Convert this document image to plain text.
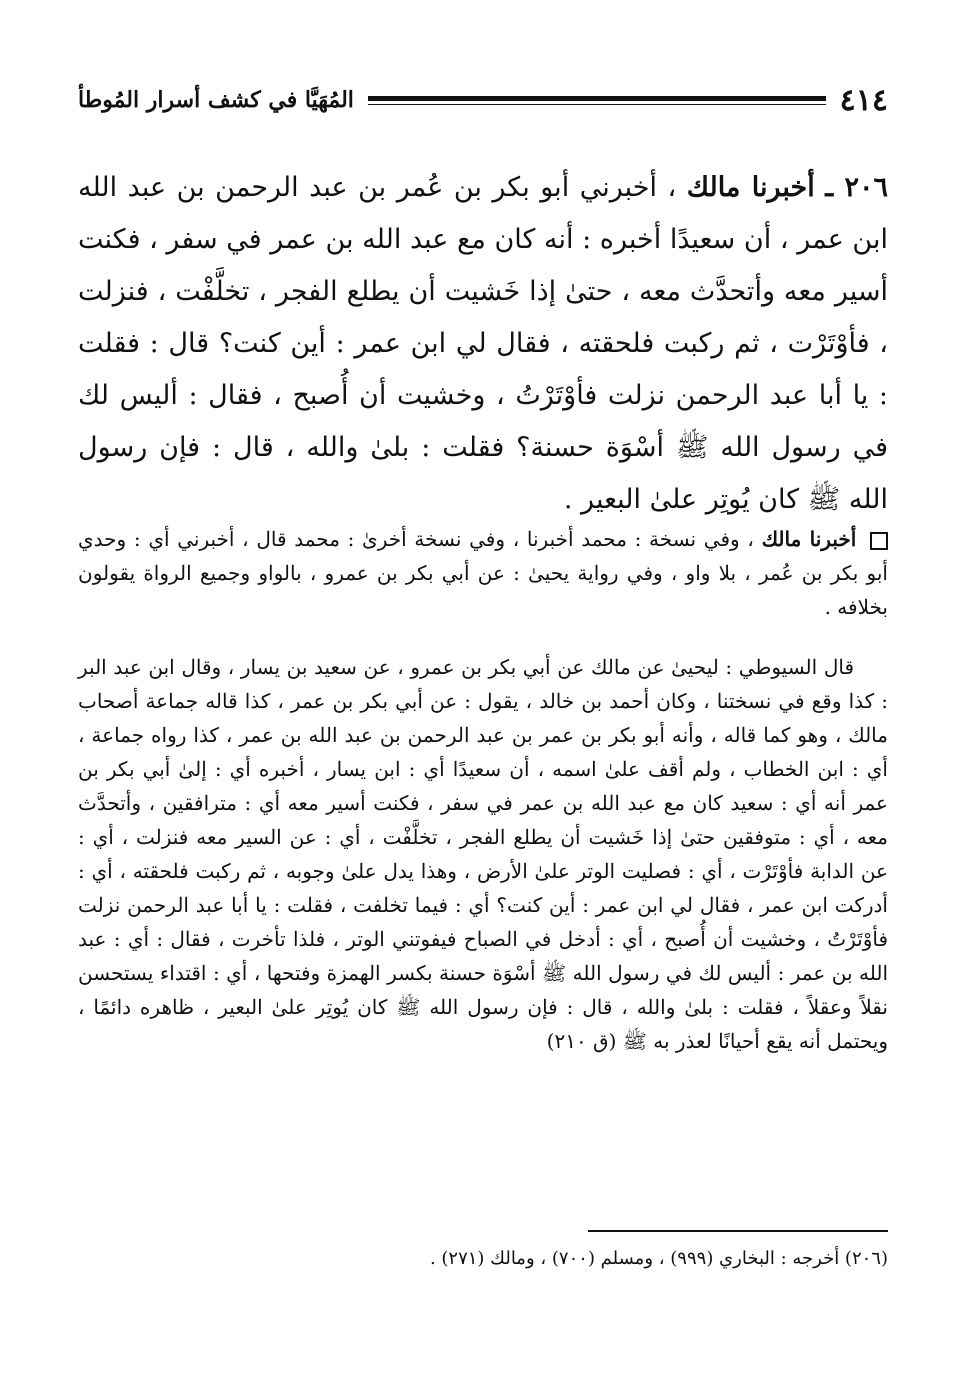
٤١٤
المُهَيَّا في كشف أسرار المُوطأ

٢٠٦ ـ أخبرنا مالك ، أخبرني أبو بكر بن عُمر بن عبد الرحمن بن عبد الله ابن عمر ، أن سعيدًا أخبره : أنه كان مع عبد الله بن عمر في سفر ، فكنت أسير معه وأتحدَّث معه ، حتىٰ إذا خَشيت أن يطلع الفجر ، تخلَّفْت ، فنزلت ، فأوْتَرْت ، ثم ركبت فلحقته ، فقال لي ابن عمر : أين كنت؟ قال : فقلت : يا أبا عبد الرحمن نزلت فأوْتَرْتُ ، وخشيت أن أُصبح ، فقال : أليس لك في رسول الله ﷺ أسْوَة حسنة؟ فقلت : بلىٰ والله ، قال : فإن رسول الله ﷺ كان يُوتِر علىٰ البعير .

أخبرنا مالك ، وفي نسخة : محمد أخبرنا ، وفي نسخة أخرىٰ : محمد قال ، أخبرني أي : وحدي أبو بكر بن عُمر ، بلا واو ، وفي رواية يحيىٰ : عن أبي بكر بن عمرو ، بالواو وجميع الرواة يقولون بخلافه .

قال السيوطي : ليحيىٰ عن مالك عن أبي بكر بن عمرو ، عن سعيد بن يسار ، وقال ابن عبد البر : كذا وقع في نسختنا ، وكان أحمد بن خالد ، يقول : عن أبي بكر بن عمر ، كذا قاله جماعة أصحاب مالك ، وهو كما قاله ، وأنه أبو بكر بن عمر بن عبد الرحمن بن عبد الله بن عمر ، كذا رواه جماعة ، أي : ابن الخطاب ، ولم أقف علىٰ اسمه ، أن سعيدًا أي : ابن يسار ، أخبره أي : إلىٰ أبي بكر بن عمر أنه أي : سعيد كان مع عبد الله بن عمر في سفر ، فكنت أسير معه أي : مترافقين ، وأتحدَّث معه ، أي : متوفقين حتىٰ إذا خَشيت أن يطلع الفجر ، تخلَّفْت ، أي : عن السير معه فنزلت ، أي : عن الدابة فأوْتَرْت ، أي : فصليت الوتر علىٰ الأرض ، وهذا يدل علىٰ وجوبه ، ثم ركبت فلحقته ، أي : أدركت ابن عمر ، فقال لي ابن عمر : أين كنت؟ أي : فيما تخلفت ، فقلت : يا أبا عبد الرحمن نزلت فأوْتَرْتُ ، وخشيت أن أُصبح ، أي : أدخل في الصباح فيفوتني الوتر ، فلذا تأخرت ، فقال : أي : عبد الله بن عمر : أليس لك في رسول الله ﷺ أسْوَة حسنة بكسر الهمزة وفتحها ، أي : اقتداء يستحسن نقلاً وعقلاً ، فقلت : بلىٰ والله ، قال : فإن رسول الله ﷺ كان يُوتِر علىٰ البعير ، ظاهره دائمًا ، ويحتمل أنه يقع أحيانًا لعذر به ﷺ (ق ٢١٠)

(٢٠٦) أخرجه : البخاري (٩٩٩) ، ومسلم (٧٠٠) ، ومالك (٢٧١) .
